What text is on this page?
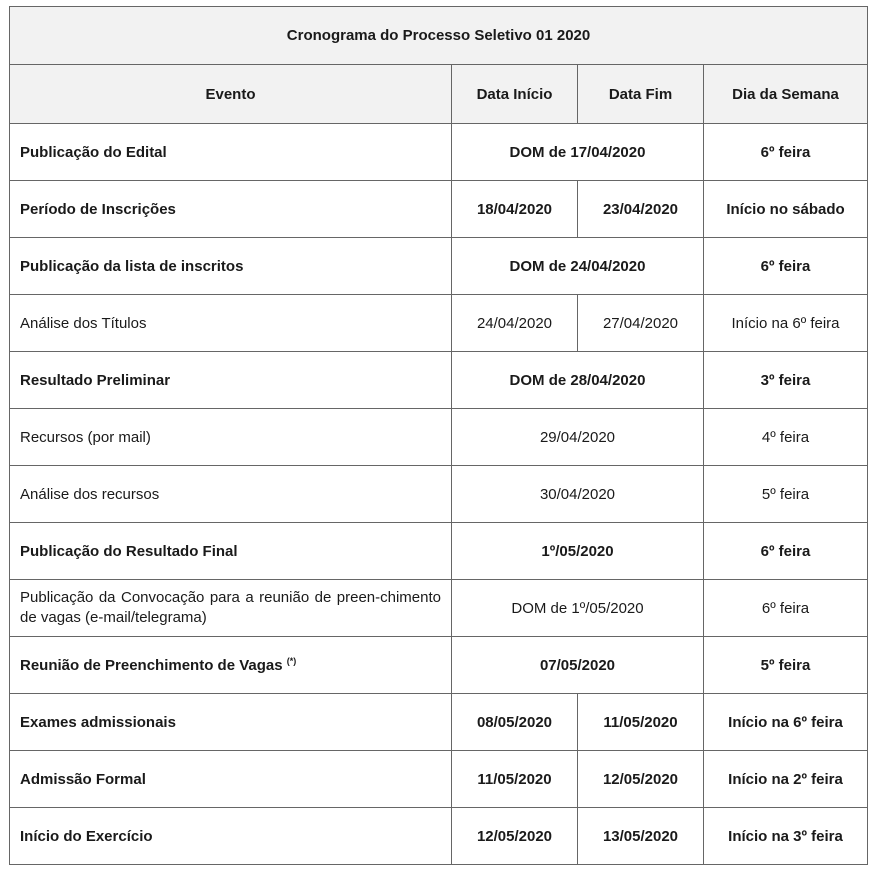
Cronograma do Processo Seletivo 01 2020			
Evento	Data Início	Data Fim	Dia da Semana
Publicação do Edital	DOM de 17/04/2020		6º feira
Período de Inscrições	18/04/2020	23/04/2020	Início no sábado
Publicação da lista de inscritos	DOM de 24/04/2020		6º feira
Análise dos Títulos	24/04/2020	27/04/2020	Início na 6º feira
Resultado Preliminar	DOM de 28/04/2020		3º feira
Recursos (por mail)	29/04/2020		4º feira
Análise dos recursos	30/04/2020		5º feira
Publicação do Resultado Final	1º/05/2020		6º feira
Publicação da Convocação para a reunião de preen-chimento de vagas (e-mail/telegrama)	DOM de 1º/05/2020		6º feira
Reunião de Preenchimento de Vagas (*)	07/05/2020		5º feira
Exames admissionais	08/05/2020	11/05/2020	Início na 6º feira
Admissão Formal	11/05/2020	12/05/2020	Início na 2º feira
Início do Exercício	12/05/2020	13/05/2020	Início na 3º feira
